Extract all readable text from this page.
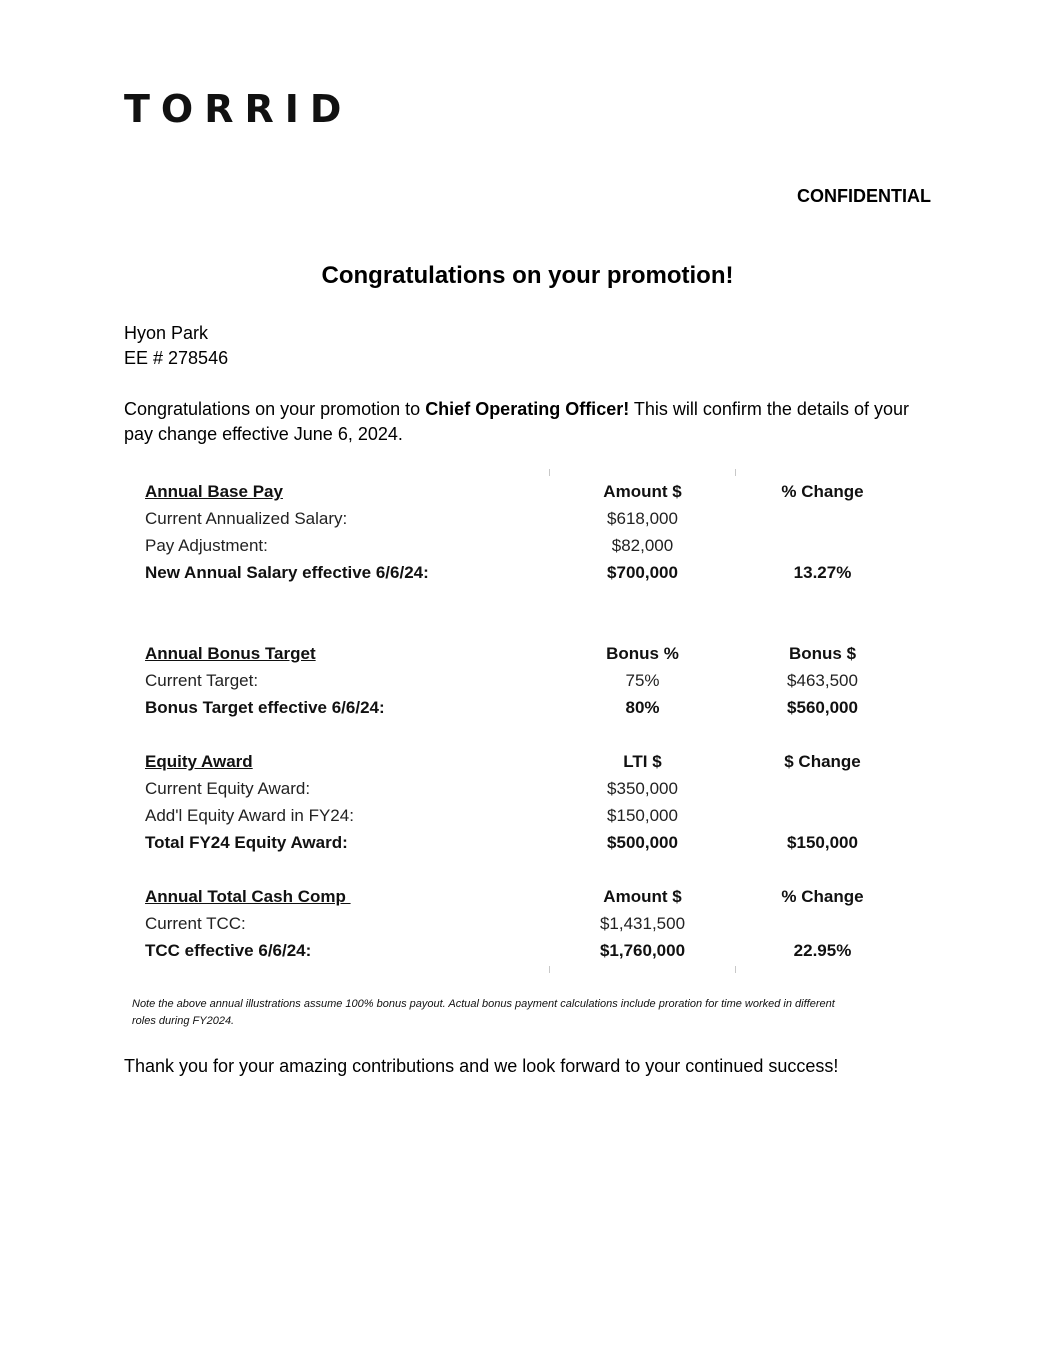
TORRID
CONFIDENTIAL
Congratulations on your promotion!
Hyon Park
EE # 278546
Congratulations on your promotion to Chief Operating Officer! This will confirm the details of your pay change effective June 6, 2024.
Annual Base Pay	Amount $	% Change
Current Annualized Salary:	$618,000
Pay Adjustment:	$82,000
New Annual Salary effective 6/6/24:	$700,000	13.27%
Annual Bonus Target	Bonus %	Bonus $
Current Target:	75%	$463,500
Bonus Target effective 6/6/24:	80%	$560,000
Equity Award	LTI $	$ Change
Current Equity Award:	$350,000
Add'l Equity Award in FY24:	$150,000
Total FY24 Equity Award:	$500,000	$150,000
Annual Total Cash Comp	Amount $	% Change
Current TCC:	$1,431,500
TCC effective 6/6/24:	$1,760,000	22.95%
Note the above annual illustrations assume 100% bonus payout. Actual bonus payment calculations include proration for time worked in different roles during FY2024.
Thank you for your amazing contributions and we look forward to your continued success!
